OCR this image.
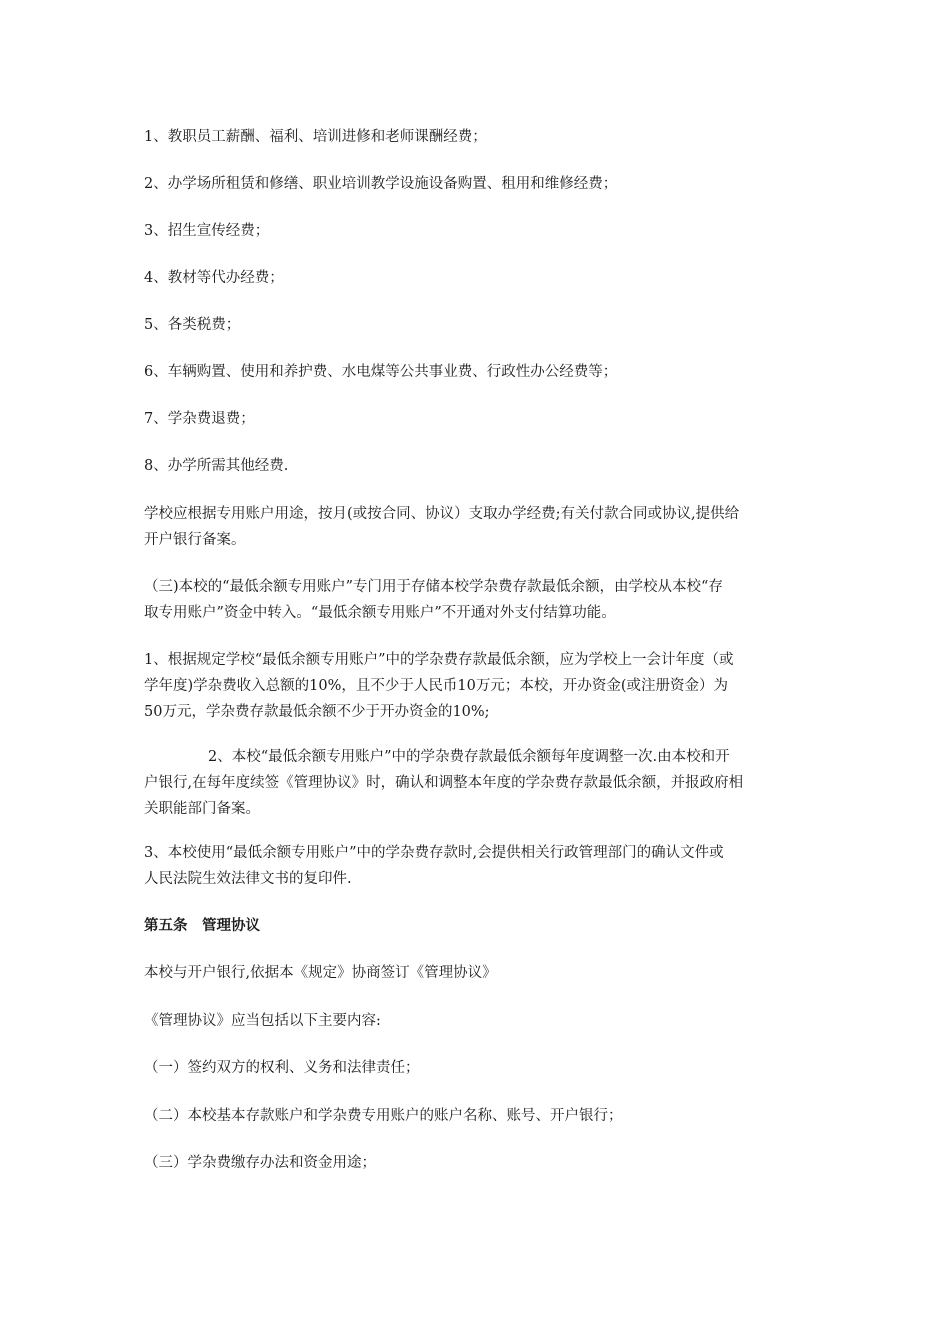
1、教职员工薪酬、福利、培训进修和老师课酬经费；

2、办学场所租赁和修缮、职业培训教学设施设备购置、租用和维修经费；

3、招生宣传经费；

4、教材等代办经费；

5、各类税费；

6、车辆购置、使用和养护费、水电煤等公共事业费、行政性办公经费等；

7、学杂费退费；

8、办学所需其他经费.

学校应根据专用账户用途，按月(或按合同、协议）支取办学经费;有关付款合同或协议,提供给
开户银行备案。

（三)本校的“最低余额专用账户”专门用于存储本校学杂费存款最低余额，由学校从本校“存
取专用账户”资金中转入。“最低余额专用账户”不开通对外支付结算功能。

1、根据规定学校“最低余额专用账户”中的学杂费存款最低余额，应为学校上一会计年度（或
学年度)学杂费收入总额的10%，且不少于人民币10万元；本校，开办资金(或注册资金）为
50万元，学杂费存款最低余额不少于开办资金的10%;

2、本校“最低余额专用账户”中的学杂费存款最低余额每年度调整一次.由本校和开
户银行,在每年度续签《管理协议》时，确认和调整本年度的学杂费存款最低余额，并报政府相
关职能部门备案。

3、本校使用“最低余额专用账户”中的学杂费存款时,会提供相关行政管理部门的确认文件或
人民法院生效法律文书的复印件.

第五条　管理协议

本校与开户银行,依据本《规定》协商签订《管理协议》

《管理协议》应当包括以下主要内容:

（一）签约双方的权利、义务和法律责任；

（二）本校基本存款账户和学杂费专用账户的账户名称、账号、开户银行；

（三）学杂费缴存办法和资金用途；
